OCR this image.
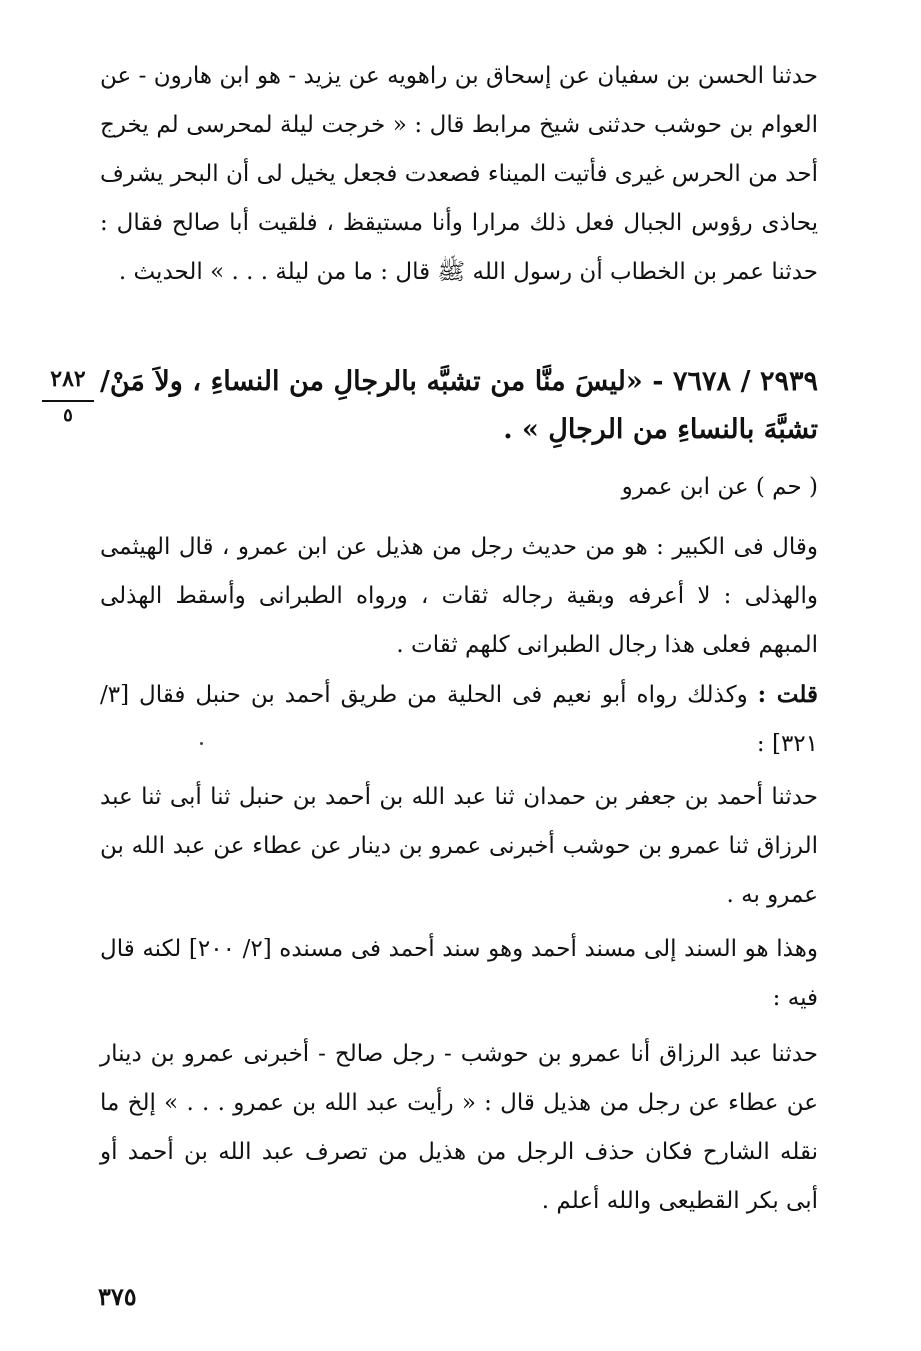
حدثنا الحسن بن سفيان عن إسحاق بن راهويه عن يزيد - هو ابن هارون - عن العوام بن حوشب حدثنى شيخ مرابط قال : « خرجت ليلة لمحرسى لم يخرج أحد من الحرس غيرى فأتيت الميناء فصعدت فجعل يخيل لى أن البحر يشرف يحاذى رؤوس الجبال فعل ذلك مرارا وأنا مستيقظ ، فلقيت أبا صالح فقال : حدثنا عمر بن الخطاب أن رسول الله ﷺ قال : ما من ليلة . . . » الحديث .

٢٨٢
٥

٢٩٣٩ / ٧٦٧٨ - «ليسَ منَّا من تشبَّه بالرجالِ من النساءِ ، ولاَ مَنْ/ تشبَّهَ بالنساءِ من الرجالِ » .

( حم ) عن ابن عمرو

وقال فى الكبير : هو من حديث رجل من هذيل عن ابن عمرو ، قال الهيثمى والهذلى : لا أعرفه وبقية رجاله ثقات ، ورواه الطبرانى وأسقط الهذلى المبهم فعلى هذا رجال الطبرانى كلهم ثقات .

قلت : وكذلك رواه أبو نعيم فى الحلية من طريق أحمد بن حنبل فقال [٣/ ٣٢١] :

حدثنا أحمد بن جعفر بن حمدان ثنا عبد الله بن أحمد بن حنبل ثنا أبى ثنا عبد الرزاق ثنا عمرو بن حوشب أخبرنى عمرو بن دينار عن عطاء عن عبد الله بن عمرو به .

وهذا هو السند إلى مسند أحمد وهو سند أحمد فى مسنده [٢/ ٢٠٠] لكنه قال فيه :

حدثنا عبد الرزاق أنا عمرو بن حوشب - رجل صالح - أخبرنى عمرو بن دينار عن عطاء عن رجل من هذيل قال : « رأيت عبد الله بن عمرو . . . » إلخ ما نقله الشارح فكان حذف الرجل من هذيل من تصرف عبد الله بن أحمد أو أبى بكر القطيعى والله أعلم .

٣٧٥
